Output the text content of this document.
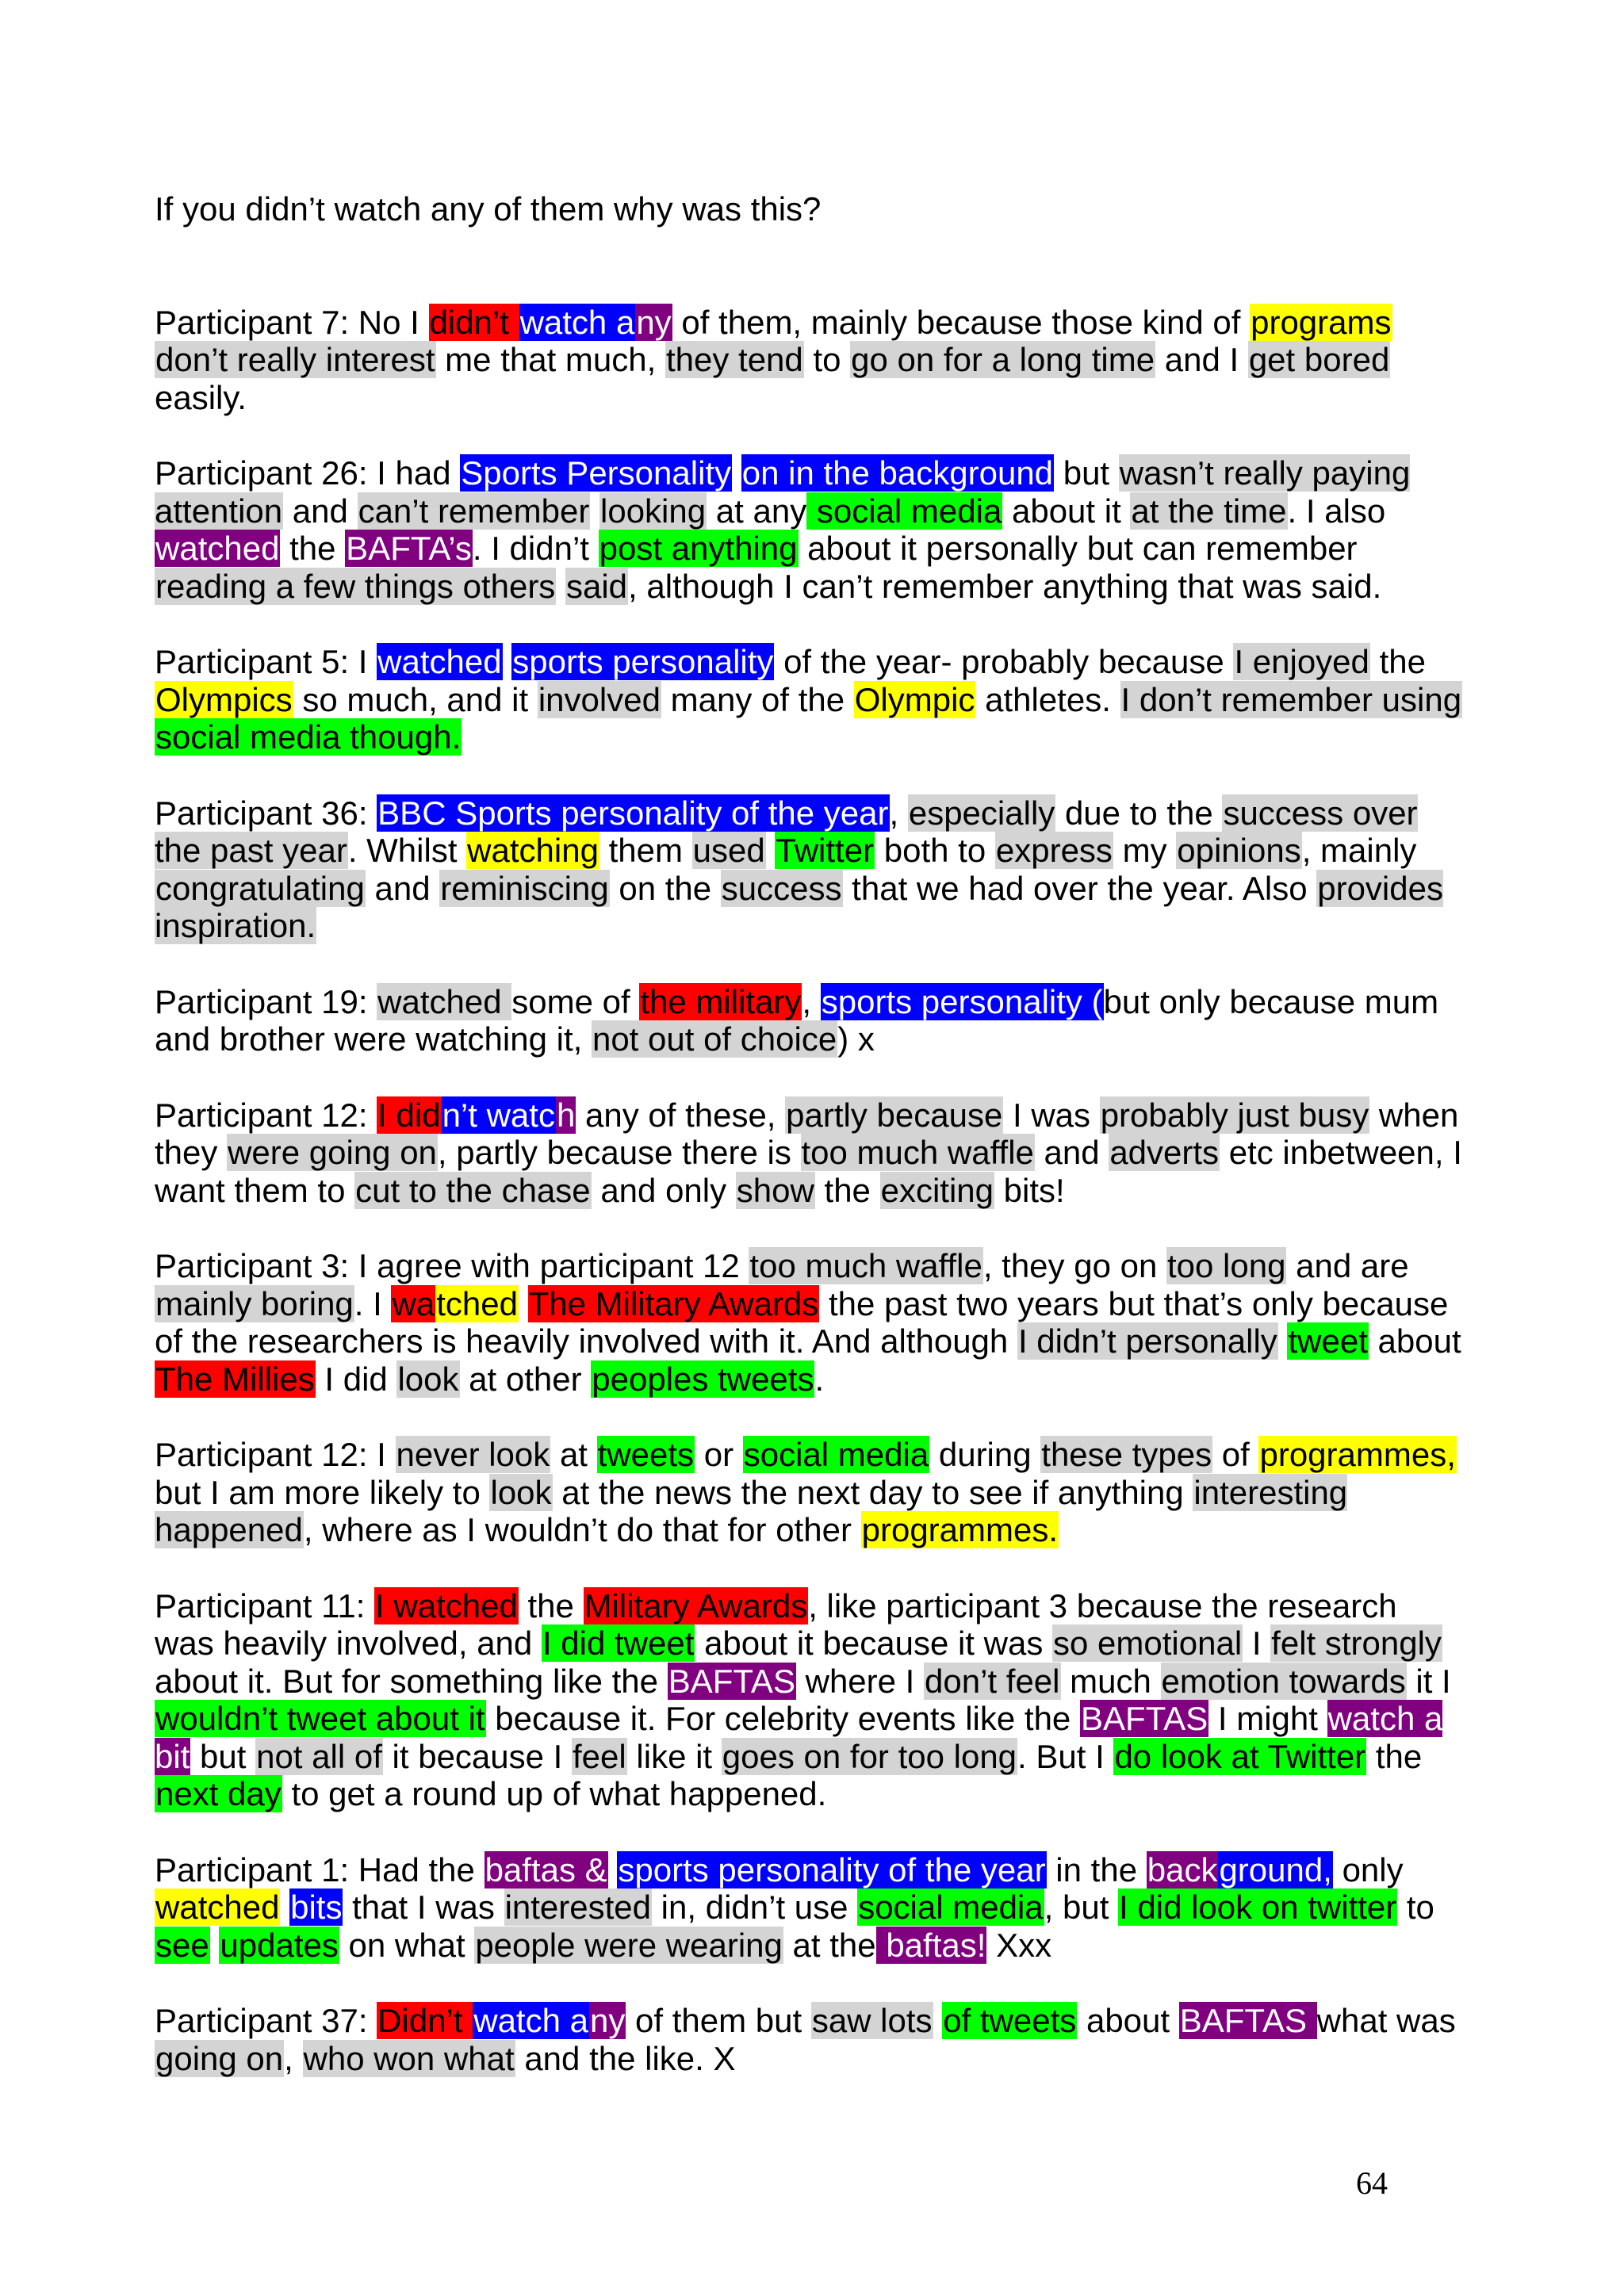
If you didn’t watch any of them why was this?
Participant 7: No I didn’t watch any of them, mainly because those kind of programs don’t really interest me that much, they tend to go on for a long time and I get bored easily.
Participant 26: I had Sports Personality on in the background but wasn’t really paying attention and can’t remember looking at any social media about it at the time. I also watched the BAFTA’s. I didn’t post anything about it personally but can remember reading a few things others said, although I can’t remember anything that was said.
Participant 5: I watched sports personality of the year- probably because I enjoyed the Olympics so much, and it involved many of the Olympic athletes. I don’t remember using social media though.
Participant 36: BBC Sports personality of the year, especially due to the success over the past year. Whilst watching them used Twitter both to express my opinions, mainly congratulating and reminiscing on the success that we had over the year. Also provides inspiration.
Participant 19: watched some of the military, sports personality (but only because mum and brother were watching it, not out of choice) x
Participant 12: I didn’t watch any of these, partly because I was probably just busy when they were going on, partly because there is too much waffle and adverts etc inbetween, I want them to cut to the chase and only show the exciting bits!
Participant 3: I agree with participant 12 too much waffle, they go on too long and are mainly boring. I watched The Military Awards the past two years but that’s only because of the researchers is heavily involved with it. And although I didn’t personally tweet about The Millies I did look at other peoples tweets.
Participant 12: I never look at tweets or social media during these types of programmes, but I am more likely to look at the news the next day to see if anything interesting happened, where as I wouldn’t do that for other programmes.
Participant 11: I watched the Military Awards, like participant 3 because the research was heavily involved, and I did tweet about it because it was so emotional I felt strongly about it. But for something like the BAFTAS where I don’t feel much emotion towards it I wouldn’t tweet about it because it. For celebrity events like the BAFTAS I might watch a bit but not all of it because I feel like it goes on for too long. But I do look at Twitter the next day to get a round up of what happened.
Participant 1: Had the baftas & sports personality of the year in the background, only watched bits that I was interested in, didn’t use social media, but I did look on twitter to see updates on what people were wearing at the baftas! Xxx
Participant 37: Didn’t watch any of them but saw lots of tweets about BAFTAS what was going on, who won what and the like. X
64
